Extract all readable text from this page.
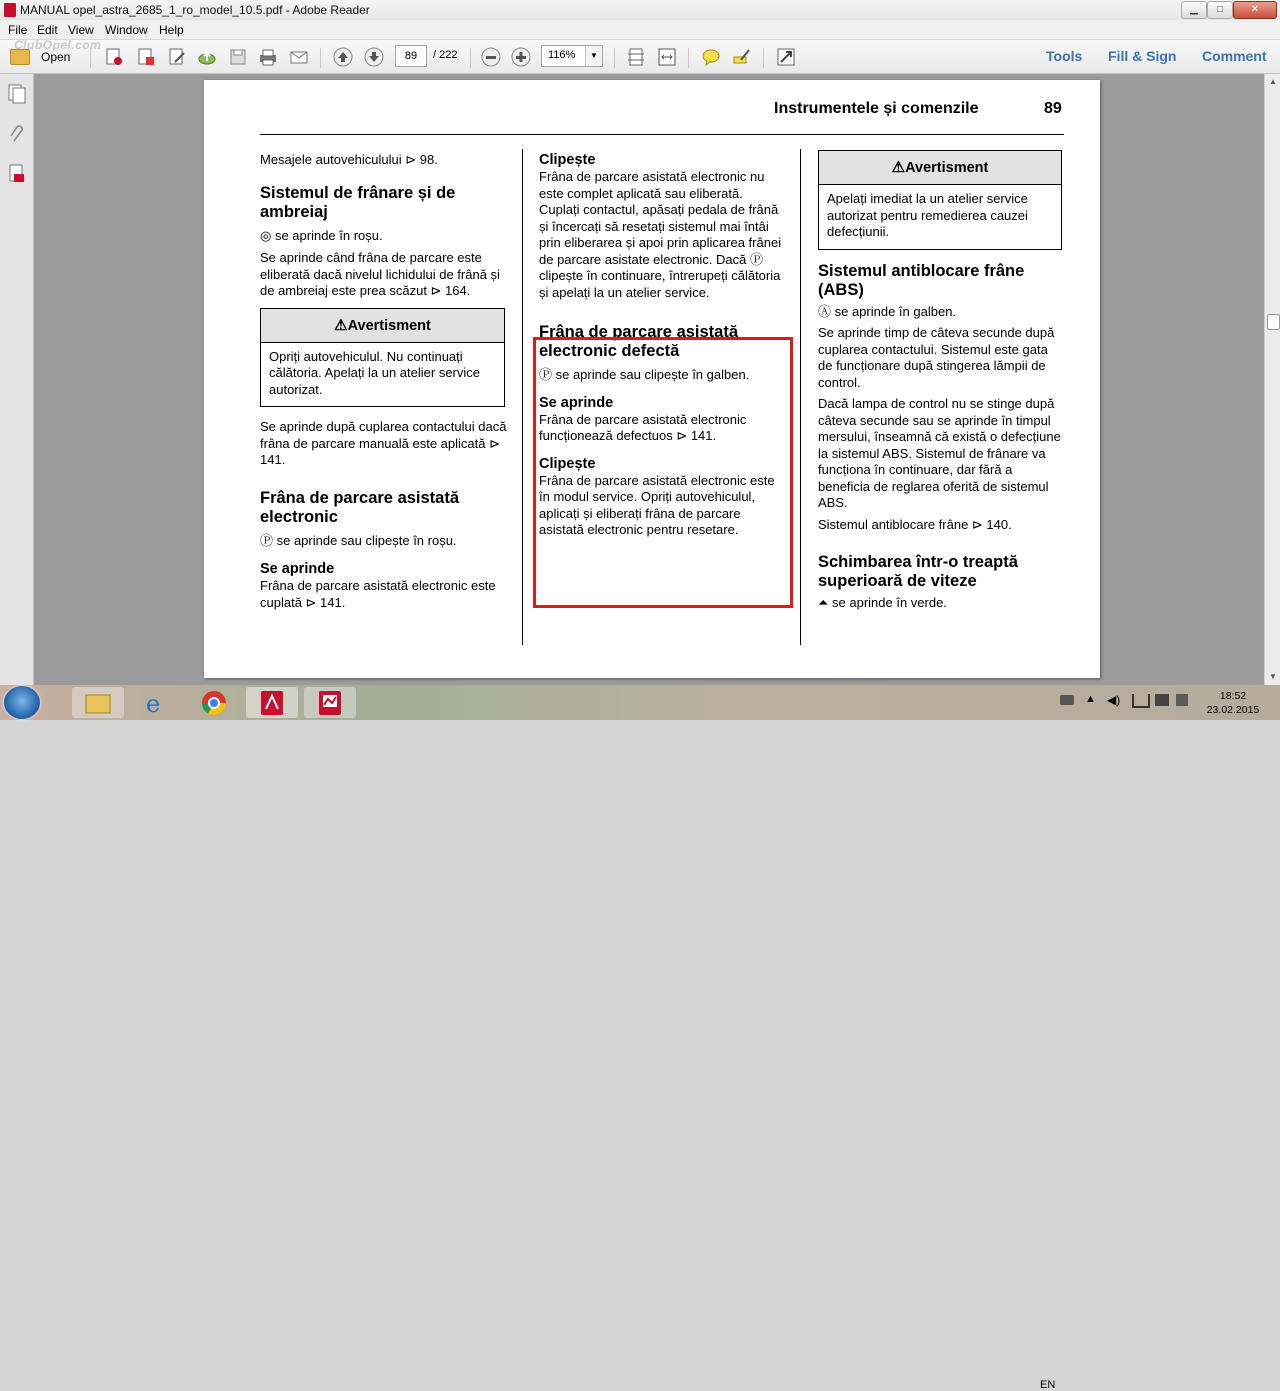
MANUAL opel_astra_2685_1_ro_model_10.5.pdf - Adobe Reader	▁	□	✕
File Edit View Window Help
Open	89	/ 222	116%	▼	Tools Fill & Sign Comment
ClubOpel.com
Instrumentele și comenzile	89

Mesajele autovehiculului ⊳ 98.

Sistemul de frânare și de ambreiaj

◎ se aprinde în roșu.

Se aprinde când frâna de parcare este eliberată dacă nivelul lichidului de frână și de ambreiaj este prea scăzut ⊳ 164.

⚠Avertisment
Opriți autovehiculul. Nu continuați călătoria. Apelați la un atelier service autorizat.

Se aprinde după cuplarea contactului dacă frâna de parcare manuală este aplicată ⊳ 141.

Frâna de parcare asistată electronic

Ⓟ se aprinde sau clipește în roșu.

Se aprinde

Frâna de parcare asistată electronic este cuplată ⊳ 141.

Clipește

Frâna de parcare asistată electronic nu este complet aplicată sau eliberată. Cuplați contactul, apăsați pedala de frână și încercați să resetați sistemul mai întâi prin eliberarea și apoi prin aplicarea frânei de parcare asistate electronic. Dacă Ⓟ clipește în continuare, întrerupeți călătoria și apelați la un atelier service.

Frâna de parcare asistată electronic defectă

Ⓟ se aprinde sau clipește în galben.

Se aprinde

Frâna de parcare asistată electronic funcționează defectuos ⊳ 141.

Clipește

Frâna de parcare asistată electronic este în modul service. Opriți autovehiculul, aplicați și eliberați frâna de parcare asistată electronic pentru resetare.

⚠Avertisment
Apelați imediat la un atelier service autorizat pentru remedierea cauzei defecțiunii.

Sistemul antiblocare frâne (ABS)

Ⓐ se aprinde în galben.

Se aprinde timp de câteva secunde după cuplarea contactului. Sistemul este gata de funcționare după stingerea lămpii de control.

Dacă lampa de control nu se stinge după câteva secunde sau se aprinde în timpul mersului, înseamnă că există o defecțiune la sistemul ABS. Sistemul de frânare va funcționa în continuare, dar fără a beneficia de reglarea oferită de sistemul ABS.

Sistemul antiblocare frâne ⊳ 140.

Schimbarea într-o treaptă superioară de viteze

⏶ se aprinde în verde.

▲
▼
e
EN
▲ ◀)	18:52
23.02.2015
